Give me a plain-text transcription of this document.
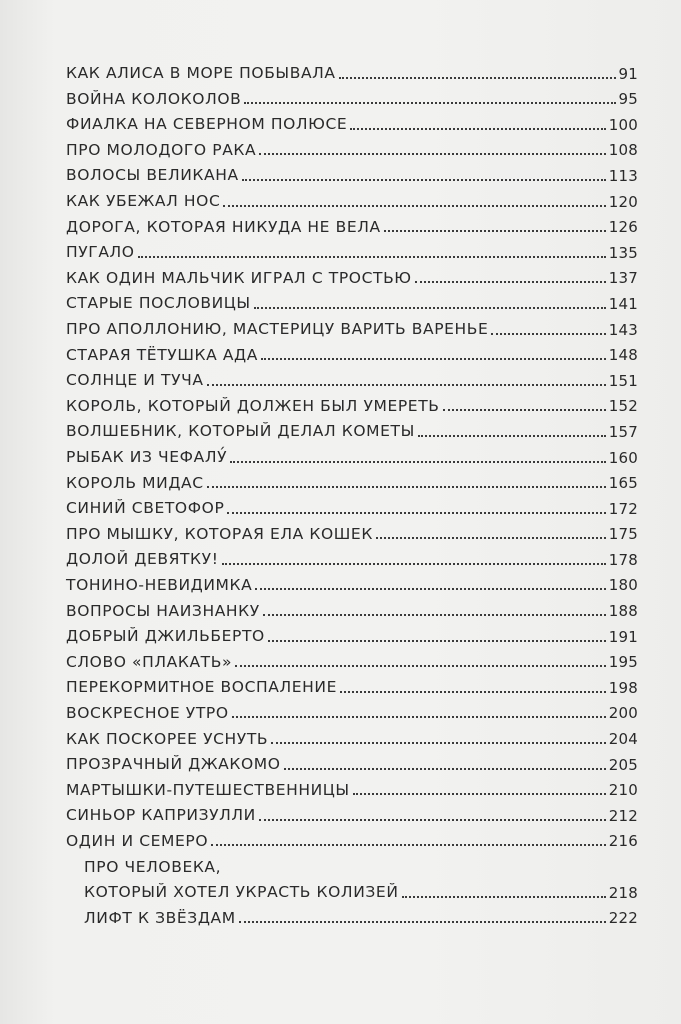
КАК АЛИСА В МОРЕ ПОБЫВАЛА	91
ВОЙНА КОЛОКОЛОВ	95
ФИАЛКА НА СЕВЕРНОМ ПОЛЮСЕ	100
ПРО МОЛОДОГО РАКА	108
ВОЛОСЫ ВЕЛИКАНА	113
КАК УБЕЖАЛ НОС	120
ДОРОГА, КОТОРАЯ НИКУДА НЕ ВЕЛА	126
ПУГАЛО	135
КАК ОДИН МАЛЬЧИК ИГРАЛ С ТРОСТЬЮ	137
СТАРЫЕ ПОСЛОВИЦЫ	141
ПРО АПОЛЛОНИЮ, МАСТЕРИЦУ ВАРИТЬ ВАРЕНЬЕ	143
СТАРАЯ ТЁТУШКА АДА	148
СОЛНЦЕ И ТУЧА	151
КОРОЛЬ, КОТОРЫЙ ДОЛЖЕН БЫЛ УМЕРЕТЬ	152
ВОЛШЕБНИК, КОТОРЫЙ ДЕЛАЛ КОМЕТЫ	157
РЫБАК ИЗ ЧЕФАЛУ́	160
КОРОЛЬ МИДАС	165
СИНИЙ СВЕТОФОР	172
ПРО МЫШКУ, КОТОРАЯ ЕЛА КОШЕК	175
ДОЛОЙ ДЕВЯТКУ!	178
ТОНИНО-НЕВИДИМКА	180
ВОПРОСЫ НАИЗНАНКУ	188
ДОБРЫЙ ДЖИЛЬБЕРТО	191
СЛОВО «ПЛАКАТЬ»	195
ПЕРЕКОРМИТНОЕ ВОСПАЛЕНИЕ	198
ВОСКРЕСНОЕ УТРО	200
КАК ПОСКОРЕЕ УСНУТЬ	204
ПРОЗРАЧНЫЙ ДЖАКОМО	205
МАРТЫШКИ-ПУТЕШЕСТВЕННИЦЫ	210
СИНЬОР КАПРИЗУЛЛИ	212
ОДИН И СЕМЕРО	216
ПРО ЧЕЛОВЕКА,
КОТОРЫЙ ХОТЕЛ УКРАСТЬ КОЛИЗЕЙ	218
ЛИФТ К ЗВЁЗДАМ	222
